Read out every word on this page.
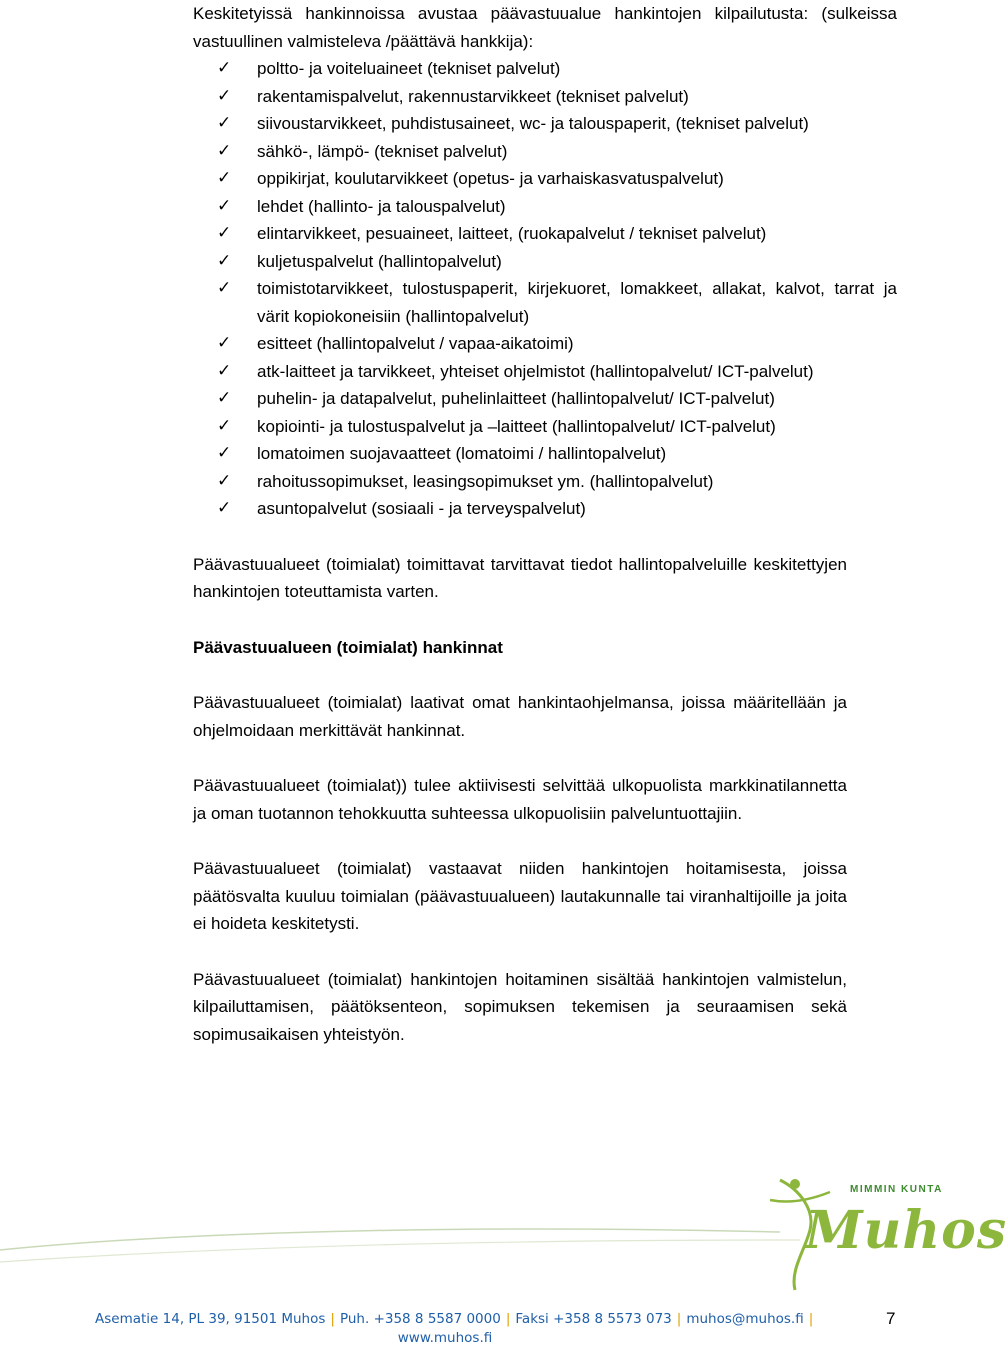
Keskitetyissä hankinnoissa avustaa päävastuualue hankintojen kilpailutusta: (sulkeissa vastuullinen valmisteleva /päättävä hankkija):

✓ poltto- ja voiteluaineet (tekniset palvelut)
✓ rakentamispalvelut, rakennustarvikkeet (tekniset palvelut)
✓ siivoustarvikkeet, puhdistusaineet, wc- ja talouspaperit, (tekniset palvelut)
✓ sähkö-, lämpö- (tekniset palvelut)
✓ oppikirjat, koulutarvikkeet (opetus- ja varhaiskasvatuspalvelut)
✓ lehdet (hallinto- ja talouspalvelut)
✓ elintarvikkeet, pesuaineet, laitteet, (ruokapalvelut / tekniset palvelut)
✓ kuljetuspalvelut (hallintopalvelut)
✓ toimistotarvikkeet, tulostuspaperit, kirjekuoret, lomakkeet, allakat, kalvot, tarrat ja värit kopiokoneisiin (hallintopalvelut)
✓ esitteet (hallintopalvelut / vapaa-aikatoimi)
✓ atk-laitteet ja tarvikkeet, yhteiset ohjelmistot (hallintopalvelut/ ICT-palvelut)
✓ puhelin- ja datapalvelut, puhelinlaitteet (hallintopalvelut/ ICT-palvelut)
✓ kopiointi- ja tulostuspalvelut ja –laitteet (hallintopalvelut/ ICT-palvelut)
✓ lomatoimen suojavaatteet (lomatoimi / hallintopalvelut)
✓ rahoitussopimukset, leasingsopimukset ym. (hallintopalvelut)
✓ asuntopalvelut (sosiaali - ja terveyspalvelut)

Päävastuualueet (toimialat) toimittavat tarvittavat tiedot hallintopalveluille keskitettyjen hankintojen toteuttamista varten.

Päävastuualueen (toimialat) hankinnat

Päävastuualueet (toimialat) laativat omat hankintaohjelmansa, joissa määritellään ja ohjelmoidaan merkittävät hankinnat.

Päävastuualueet (toimialat)) tulee aktiivisesti selvittää ulkopuolista markkinatilannetta ja oman tuotannon tehokkuutta suhteessa ulkopuolisiin palveluntuottajiin.

Päävastuualueet (toimialat) vastaavat niiden hankintojen hoitamisesta, joissa päätösvalta kuuluu toimialan (päävastuualueen) lautakunnalle tai viranhaltijoille ja joita ei hoideta keskitetysti.

Päävastuualueet (toimialat) hankintojen hoitaminen sisältää hankintojen valmistelun, kilpailuttamisen, päätöksenteon, sopimuksen tekemisen ja seuraamisen sekä sopimusaikaisen yhteistyön.

MIMMIN KUNTA
Muhos
Asematie 14, PL 39, 91501 Muhos | Puh. +358 8 5587 0000 | Faksi +358 8 5573 073 | muhos@muhos.fi |
www.muhos.fi
7
